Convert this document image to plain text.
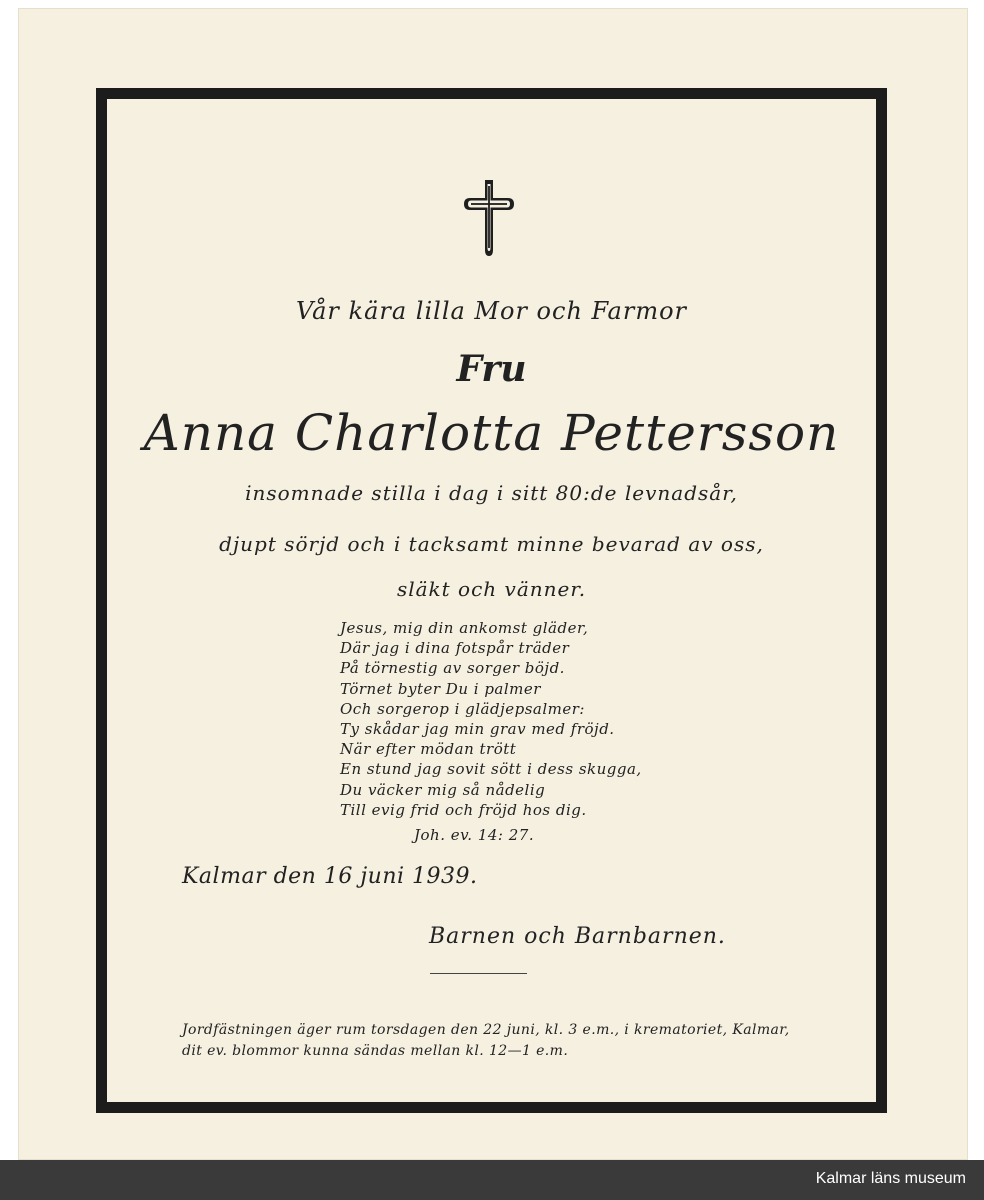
Vår kära lilla Mor och Farmor
Fru
Anna Charlotta Pettersson
insomnade stilla i dag i sitt 80:de levnadsår,
djupt sörjd och i tacksamt minne bevarad av oss,
släkt och vänner.
Jesus, mig din ankomst gläder,
Där jag i dina fotspår träder
På törnestig av sorger böjd.
Törnet byter Du i palmer
Och sorgerop i glädjepsalmer:
Ty skådar jag min grav med fröjd.
När efter mödan trött
En stund jag sovit sött i dess skugga,
Du väcker mig så nådelig
Till evig frid och fröjd hos dig.
Joh. ev. 14: 27.
Kalmar den 16 juni 1939.
Barnen och Barnbarnen.
Jordfästningen äger rum torsdagen den 22 juni, kl. 3 e.m., i krematoriet, Kalmar,
dit ev. blommor kunna sändas mellan kl. 12—1 e.m.
Kalmar läns museum
